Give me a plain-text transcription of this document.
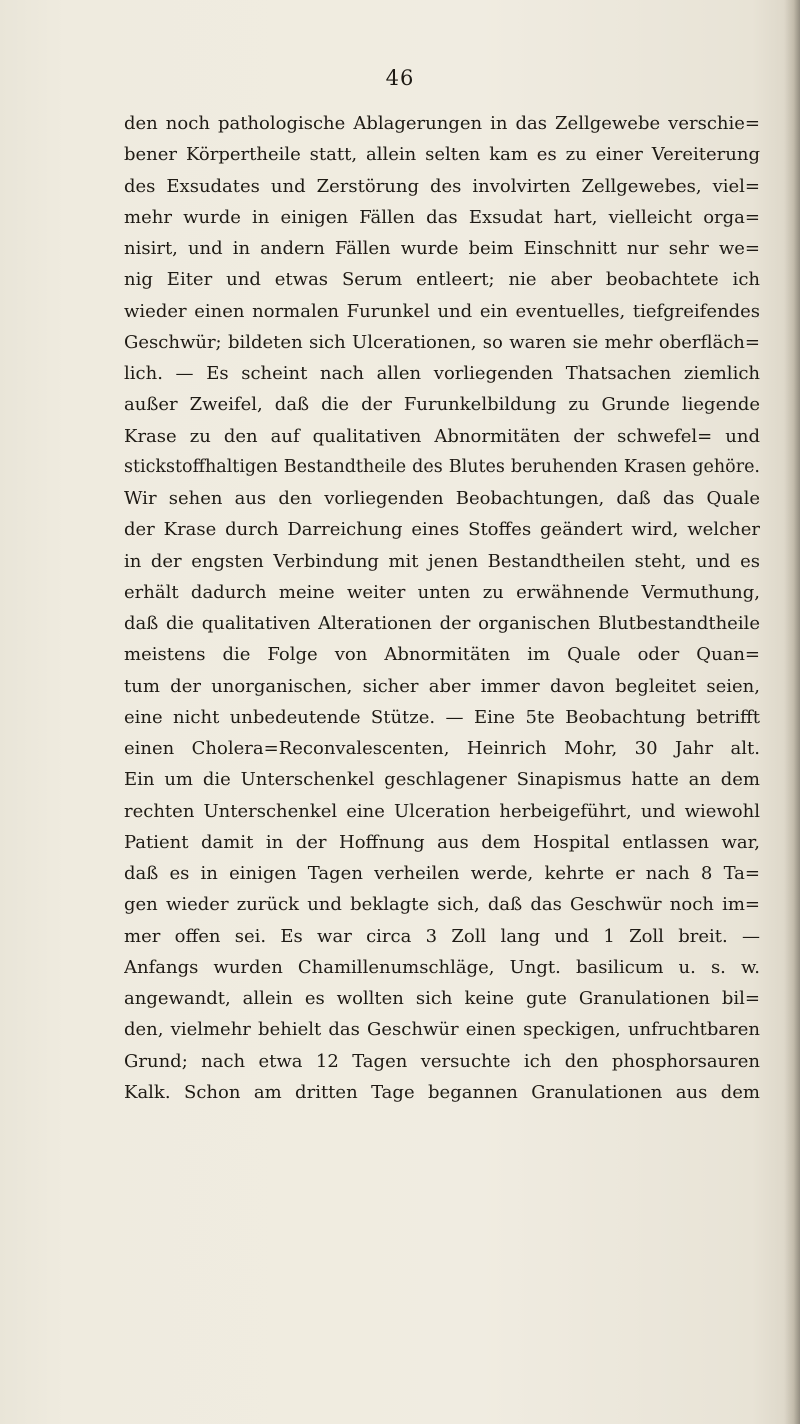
46
den noch pathologische Ablagerungen in das Zellgewebe verschie=
bener Körpertheile statt, allein selten kam es zu einer Vereiterung
des Exsudates und Zerstörung des involvirten Zellgewebes, viel=
mehr wurde in einigen Fällen das Exsudat hart, vielleicht orga=
nisirt, und in andern Fällen wurde beim Einschnitt nur sehr we=
nig Eiter und etwas Serum entleert; nie aber beobachtete ich
wieder einen normalen Furunkel und ein eventuelles, tiefgreifendes
Geschwür; bildeten sich Ulcerationen, so waren sie mehr oberfläch=
lich. — Es scheint nach allen vorliegenden Thatsachen ziemlich
außer Zweifel, daß die der Furunkelbildung zu Grunde liegende
Krase zu den auf qualitativen Abnormitäten der schwefel= und
stickstoffhaltigen Bestandtheile des Blutes beruhenden Krasen gehöre.
Wir sehen aus den vorliegenden Beobachtungen, daß das Quale
der Krase durch Darreichung eines Stoffes geändert wird, welcher
in der engsten Verbindung mit jenen Bestandtheilen steht, und es
erhält dadurch meine weiter unten zu erwähnende Vermuthung,
daß die qualitativen Alterationen der organischen Blutbestandtheile
meistens die Folge von Abnormitäten im Quale oder Quan=
tum der unorganischen, sicher aber immer davon begleitet seien,
eine nicht unbedeutende Stütze. — Eine 5te Beobachtung betrifft
einen Cholera=Reconvalescenten, Heinrich Mohr, 30 Jahr alt.
Ein um die Unterschenkel geschlagener Sinapismus hatte an dem
rechten Unterschenkel eine Ulceration herbeigeführt, und wiewohl
Patient damit in der Hoffnung aus dem Hospital entlassen war,
daß es in einigen Tagen verheilen werde, kehrte er nach 8 Ta=
gen wieder zurück und beklagte sich, daß das Geschwür noch im=
mer offen sei. Es war circa 3 Zoll lang und 1 Zoll breit. —
Anfangs wurden Chamillenumschläge, Ungt. basilicum u. s. w.
angewandt, allein es wollten sich keine gute Granulationen bil=
den, vielmehr behielt das Geschwür einen speckigen, unfruchtbaren
Grund; nach etwa 12 Tagen versuchte ich den phosphorsauren
Kalk. Schon am dritten Tage begannen Granulationen aus dem
